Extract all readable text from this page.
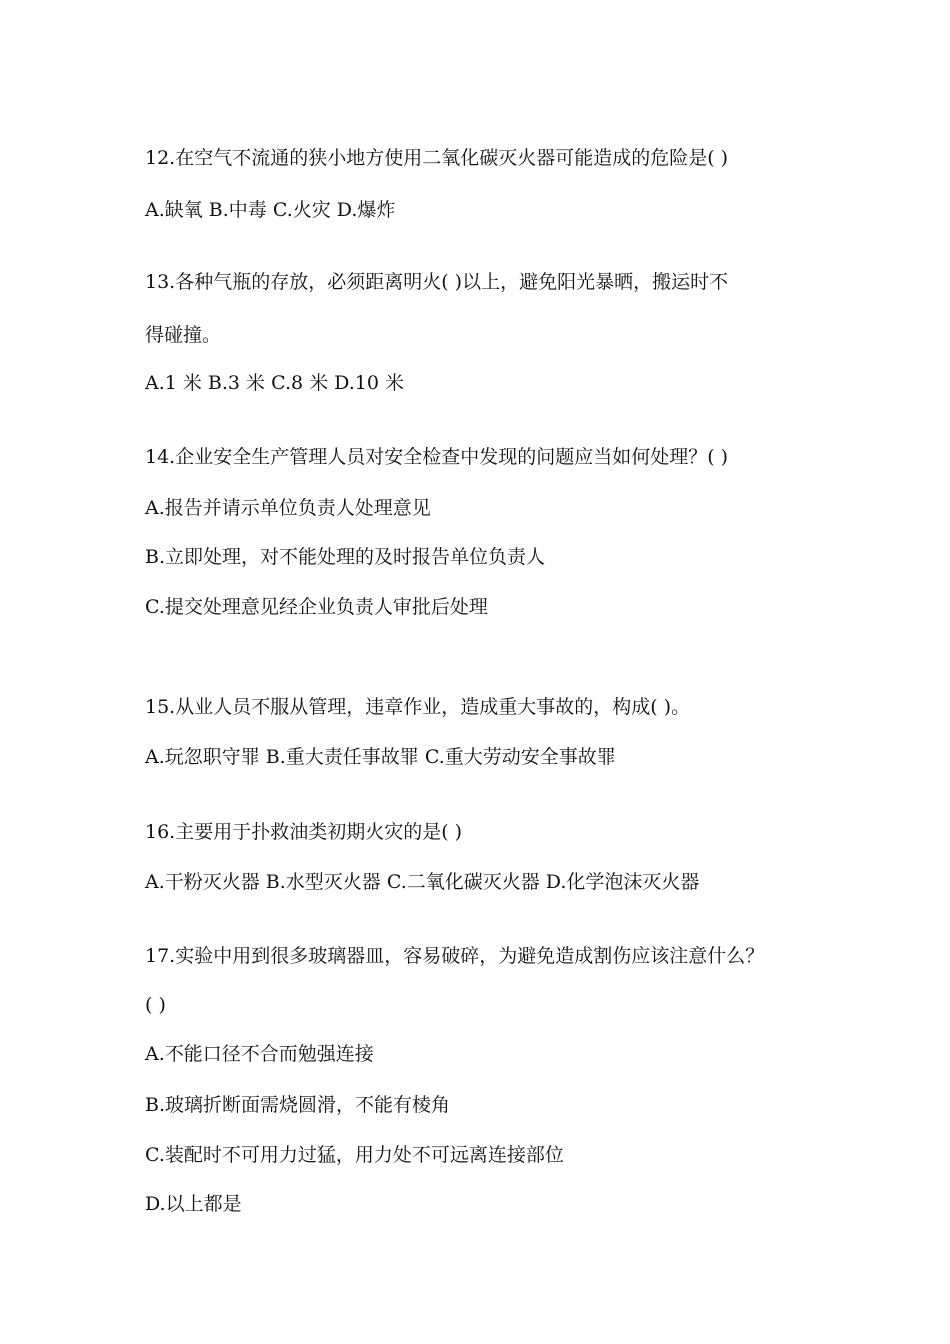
12.在空气不流通的狭小地方使用二氧化碳灭火器可能造成的危险是( )
A.缺氧 B.中毒 C.火灾 D.爆炸
13.各种气瓶的存放，必须距离明火( )以上，避免阳光暴晒，搬运时不
得碰撞。
A.1 米 B.3 米 C.8 米 D.10 米
14.企业安全生产管理人员对安全检查中发现的问题应当如何处理？( )
A.报告并请示单位负责人处理意见
B.立即处理，对不能处理的及时报告单位负责人
C.提交处理意见经企业负责人审批后处理
15.从业人员不服从管理，违章作业，造成重大事故的，构成( )。
A.玩忽职守罪 B.重大责任事故罪 C.重大劳动安全事故罪
16.主要用于扑救油类初期火灾的是( )
A.干粉灭火器 B.水型灭火器 C.二氧化碳灭火器 D.化学泡沫灭火器
17.实验中用到很多玻璃器皿，容易破碎，为避免造成割伤应该注意什么？
( )
A.不能口径不合而勉强连接
B.玻璃折断面需烧圆滑，不能有棱角
C.装配时不可用力过猛，用力处不可远离连接部位
D.以上都是
